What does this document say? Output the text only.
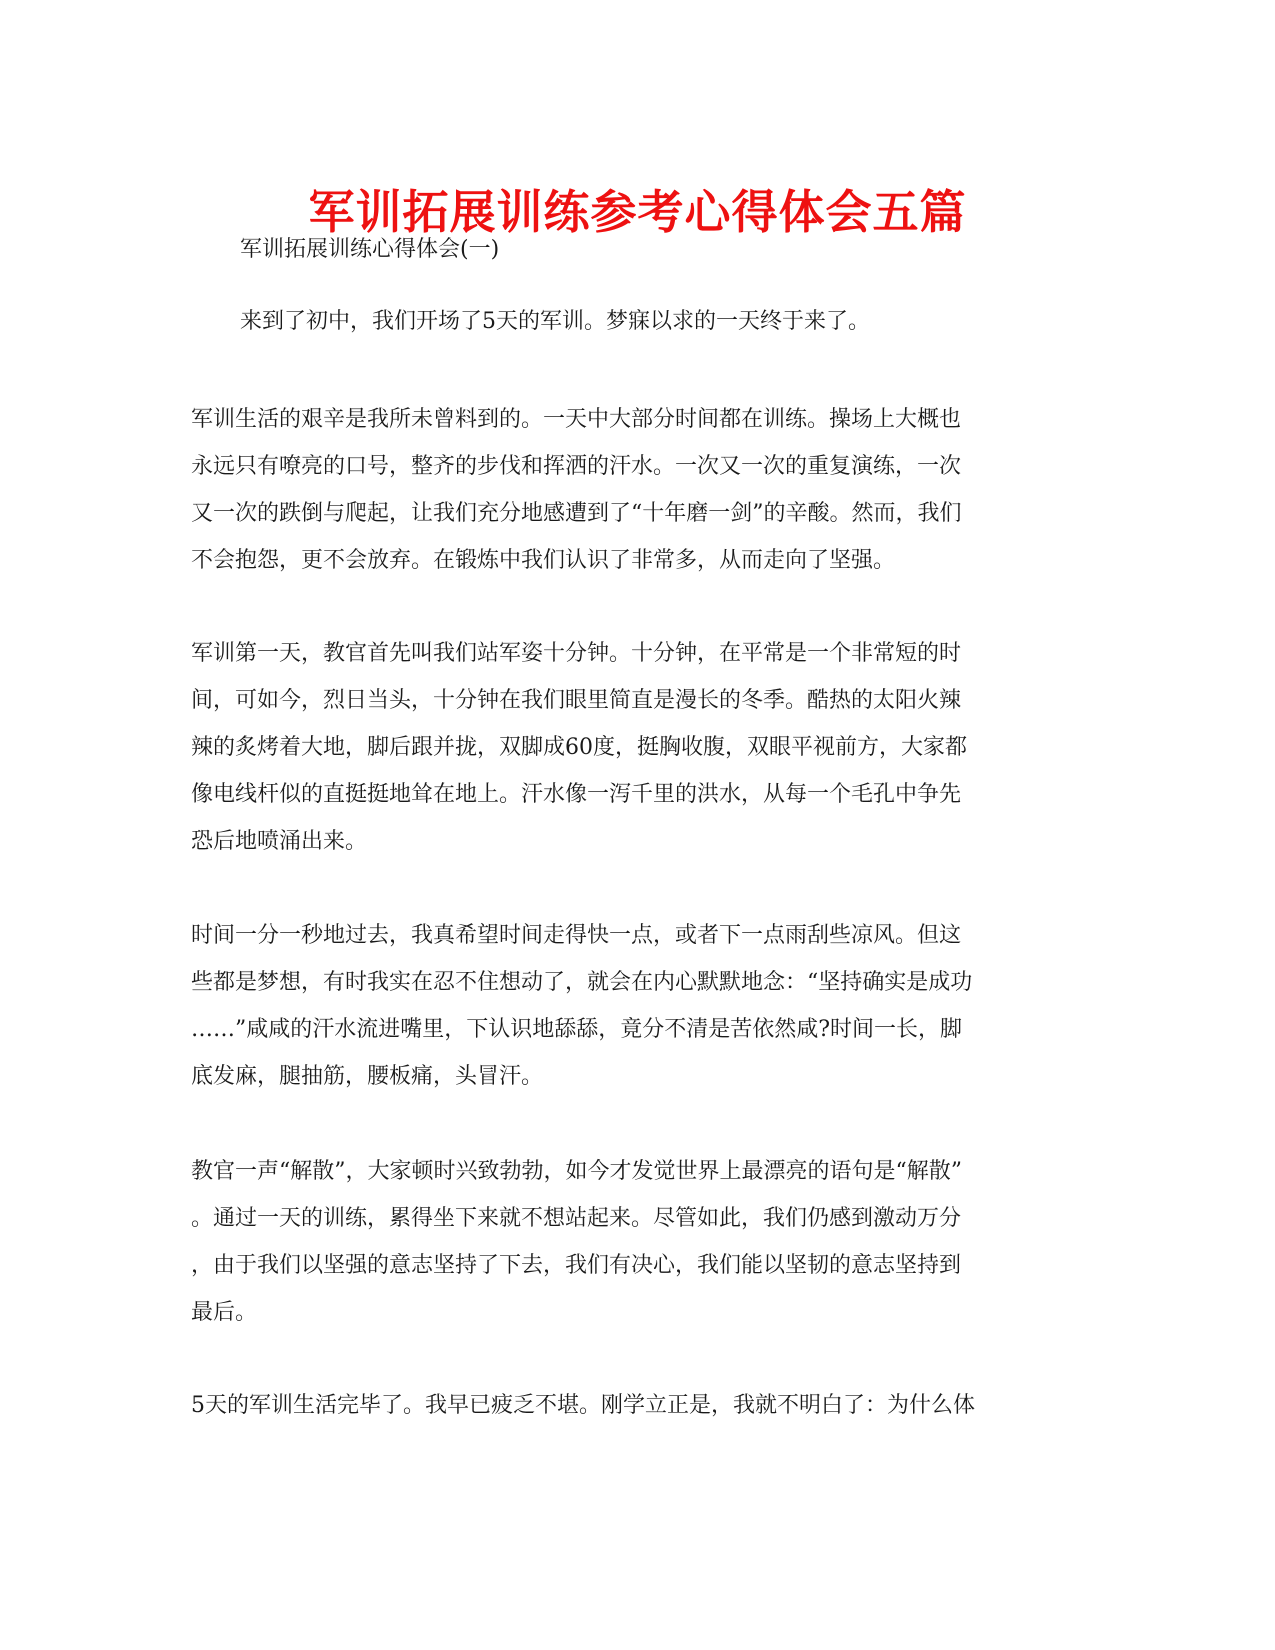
军训拓展训练参考心得体会五篇

军训拓展训练心得体会(一)

来到了初中，我们开场了5天的军训。梦寐以求的一天终于来了。

军训生活的艰辛是我所未曾料到的。一天中大部分时间都在训练。操场上大概也
永远只有嘹亮的口号，整齐的步伐和挥洒的汗水。一次又一次的重复演练，一次
又一次的跌倒与爬起，让我们充分地感遭到了“十年磨一剑”的辛酸。然而，我们
不会抱怨，更不会放弃。在锻炼中我们认识了非常多，从而走向了坚强。

军训第一天，教官首先叫我们站军姿十分钟。十分钟，在平常是一个非常短的时
间，可如今，烈日当头，十分钟在我们眼里简直是漫长的冬季。酷热的太阳火辣
辣的炙烤着大地，脚后跟并拢，双脚成60度，挺胸收腹，双眼平视前方，大家都
像电线杆似的直挺挺地耸在地上。汗水像一泻千里的洪水，从每一个毛孔中争先
恐后地喷涌出来。

时间一分一秒地过去，我真希望时间走得快一点，或者下一点雨刮些凉风。但这
些都是梦想，有时我实在忍不住想动了，就会在内心默默地念：“坚持确实是成功
……”咸咸的汗水流进嘴里，下认识地舔舔，竟分不清是苦依然咸?时间一长，脚
底发麻，腿抽筋，腰板痛，头冒汗。

教官一声“解散”，大家顿时兴致勃勃，如今才发觉世界上最漂亮的语句是“解散”
。通过一天的训练，累得坐下来就不想站起来。尽管如此，我们仍感到激动万分
，由于我们以坚强的意志坚持了下去，我们有决心，我们能以坚韧的意志坚持到
最后。

5天的军训生活完毕了。我早已疲乏不堪。刚学立正是，我就不明白了：为什么体
